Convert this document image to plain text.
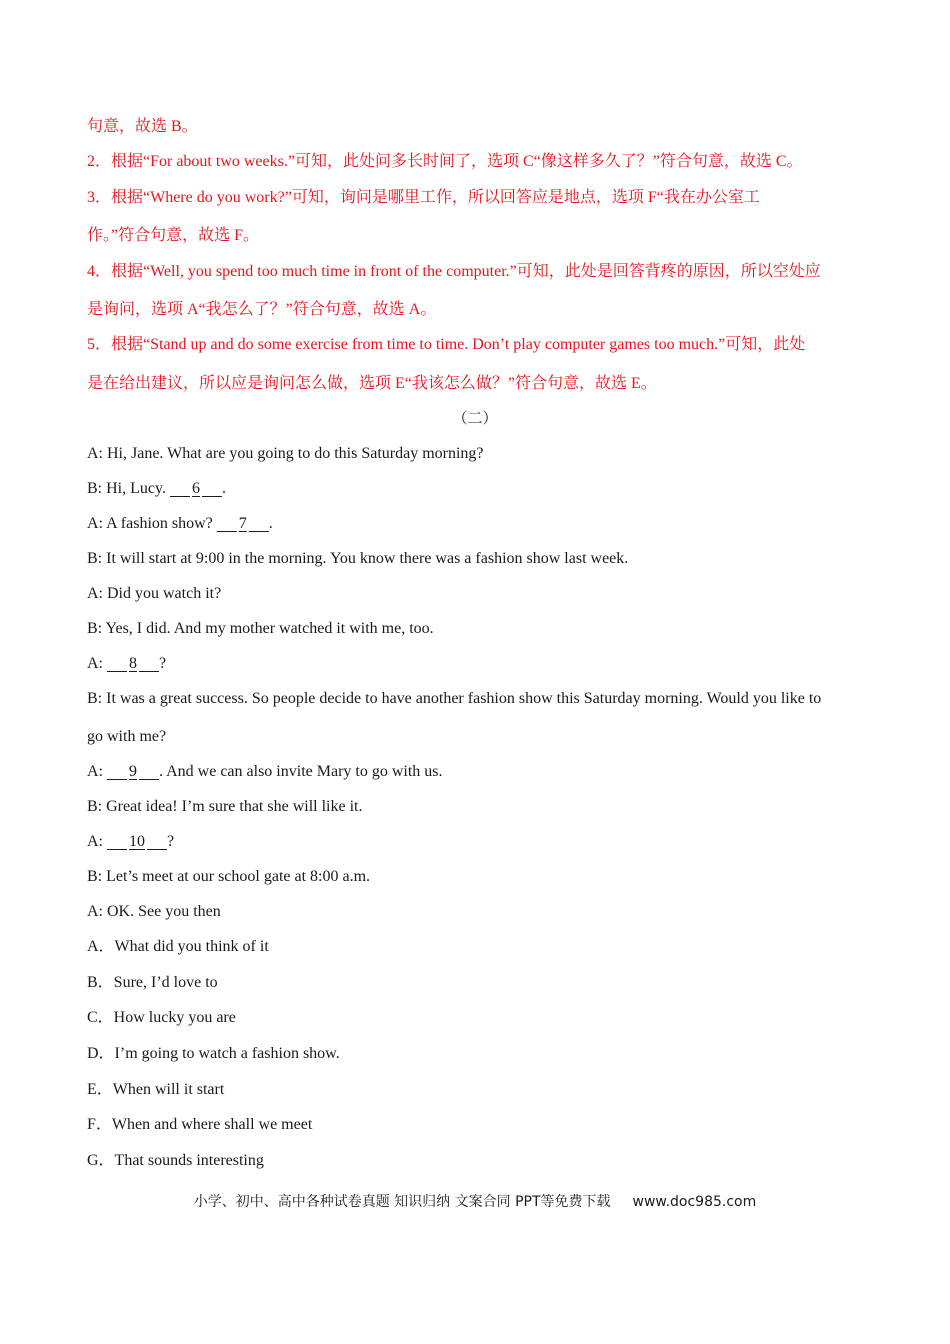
句意，故选 B。
2．根据“For about two weeks.”可知，此处问多长时间了，选项 C“像这样多久了？”符合句意，故选 C。
3．根据“Where do you work?”可知，询问是哪里工作，所以回答应是地点，选项 F“我在办公室工
作。”符合句意，故选 F。
4．根据“Well, you spend too much time in front of the computer.”可知，此处是回答背疼的原因，所以空处应
是询问，选项 A“我怎么了？”符合句意，故选 A。
5．根据“Stand up and do some exercise from time to time. Don’t play computer games too much.”可知，此处
是在给出建议，所以应是询问怎么做，选项 E“我该怎么做？”符合句意，故选 E。
（二）
A: Hi, Jane. What are you going to do this Saturday morning?
B: Hi, Lucy.      6 .
A: A fashion show?      7 .
B: It will start at 9:00 in the morning. You know there was a fashion show last week.
A: Did you watch it?
B: Yes, I did. And my mother watched it with me, too.
A:      8 ?
B: It was a great success. So people decide to have another fashion show this Saturday morning. Would you like to
go with me?
A:      9 . And we can also invite Mary to go with us.
B: Great idea! I’m sure that she will like it.
A:      10 ?
B: Let’s meet at our school gate at 8:00 a.m.
A: OK. See you then
A．What did you think of it
B．Sure, I’d love to
C．How lucky you are
D．I’m going to watch a fashion show.
E．When will it start
F．When and where shall we meet
G．That sounds interesting
小学、初中、高中各种试卷真题 知识归纳 文案合同 PPT等免费下载 www.doc985.com
